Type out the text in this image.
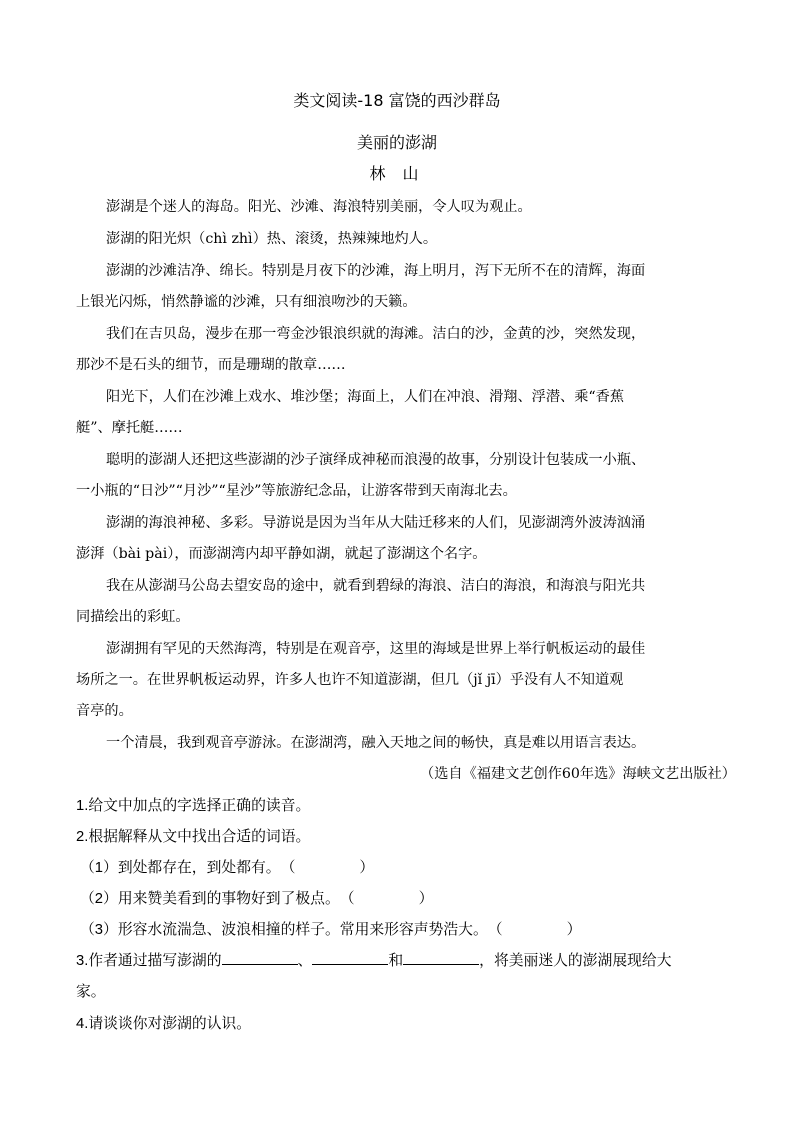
类文阅读-18 富饶的西沙群岛
美丽的澎湖
林 山
澎湖是个迷人的海岛。阳光、沙滩、海浪特别美丽，令人叹为观止。
澎湖的阳光炽（chì zhì）热、滚烫，热辣辣地灼人。
澎湖的沙滩洁净、绵长。特别是月夜下的沙滩，海上明月，泻下无所不在的清辉，海面
上银光闪烁，悄然静谧的沙滩，只有细浪吻沙的天籁。
我们在吉贝岛，漫步在那一弯金沙银浪织就的海滩。洁白的沙，金黄的沙，突然发现，
那沙不是石头的细节，而是珊瑚的散章……
阳光下，人们在沙滩上戏水、堆沙堡；海面上，人们在冲浪、滑翔、浮潜、乘“香蕉
艇”、摩托艇……
聪明的澎湖人还把这些澎湖的沙子演绎成神秘而浪漫的故事，分别设计包装成一小瓶、
一小瓶的“日沙”“月沙”“星沙”等旅游纪念品，让游客带到天南海北去。
澎湖的海浪神秘、多彩。导游说是因为当年从大陆迁移来的人们，见澎湖湾外波涛汹涌
澎湃（bài pài），而澎湖湾内却平静如湖，就起了澎湖这个名字。
我在从澎湖马公岛去望安岛的途中，就看到碧绿的海浪、洁白的海浪，和海浪与阳光共
同描绘出的彩虹。
澎湖拥有罕见的天然海湾，特别是在观音亭，这里的海域是世界上举行帆板运动的最佳
场所之一。在世界帆板运动界，许多人也许不知道澎湖，但几（jǐ jī）乎没有人不知道观
音亭的。
一个清晨，我到观音亭游泳。在澎湖湾，融入天地之间的畅快，真是难以用语言表达。
（选自《福建文艺创作60年选》海峡文艺出版社）
1.给文中加点的字选择正确的读音。
2.根据解释从文中找出合适的词语。
（1）到处都存在，到处都有。（	）
（2）用来赞美看到的事物好到了极点。（	）
（3）形容水流湍急、波浪相撞的样子。常用来形容声势浩大。（	）
3.作者通过描写澎湖的	、	和	，将美丽迷人的澎湖展现给大
家。
4.请谈谈你对澎湖的认识。
